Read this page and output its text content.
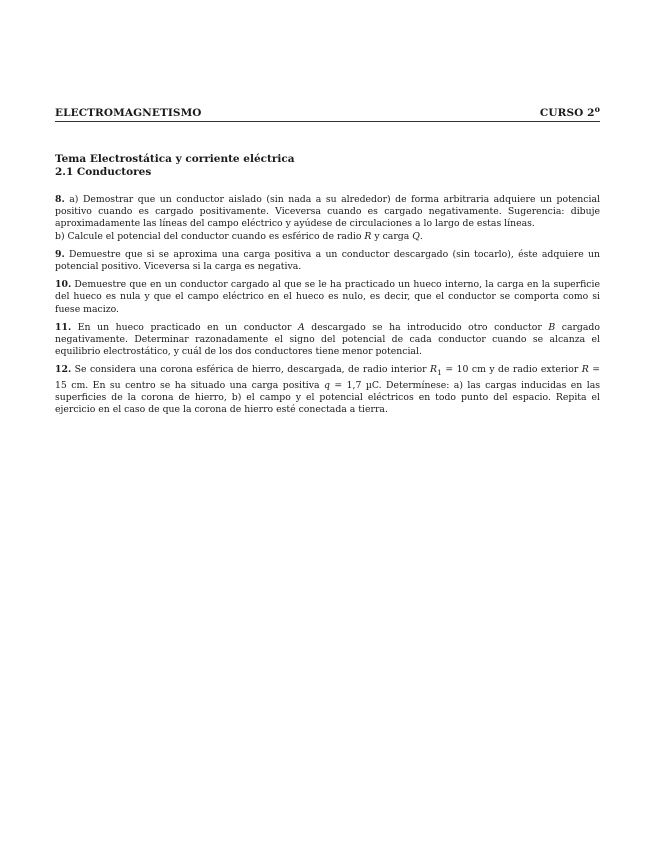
ELECTROMAGNETISMO	CURSO 2$^o$
Tema Electrostática y corriente eléctrica
2.1 Conductores

8. a) Demostrar que un conductor aislado (sin nada a su alrededor) de forma arbitraria adquiere un potencial positivo cuando es cargado positivamente. Viceversa cuando es cargado negativamente. Sugerencia: dibuje aproximadamente las líneas del campo eléctrico y ayúdese de circulaciones a lo largo de estas líneas.

b) Calcule el potencial del conductor cuando es esférico de radio R y carga Q.

9. Demuestre que si se aproxima una carga positiva a un conductor descargado (sin tocarlo), éste adquiere un potencial positivo. Viceversa si la carga es negativa.

10. Demuestre que en un conductor cargado al que se le ha practicado un hueco interno, la carga en la superficie del hueco es nula y que el campo eléctrico en el hueco es nulo, es decir, que el conductor se comporta como si fuese macizo.

11. En un hueco practicado en un conductor A descargado se ha introducido otro conductor B cargado negativamente. Determinar razonadamente el signo del potencial de cada conductor cuando se alcanza el equilibrio electrostático, y cuál de los dos conductores tiene menor potencial.

12. Se considera una corona esférica de hierro, descargada, de radio interior $R_1 = 10$ cm y de radio exterior R = 15 cm. En su centro se ha situado una carga positiva q = 1,7 µC. Determínese: a) las cargas inducidas en las superficies de la corona de hierro, b) el campo y el potencial eléctricos en todo punto del espacio. Repita el ejercicio en el caso de que la corona de hierro esté conectada a tierra.
